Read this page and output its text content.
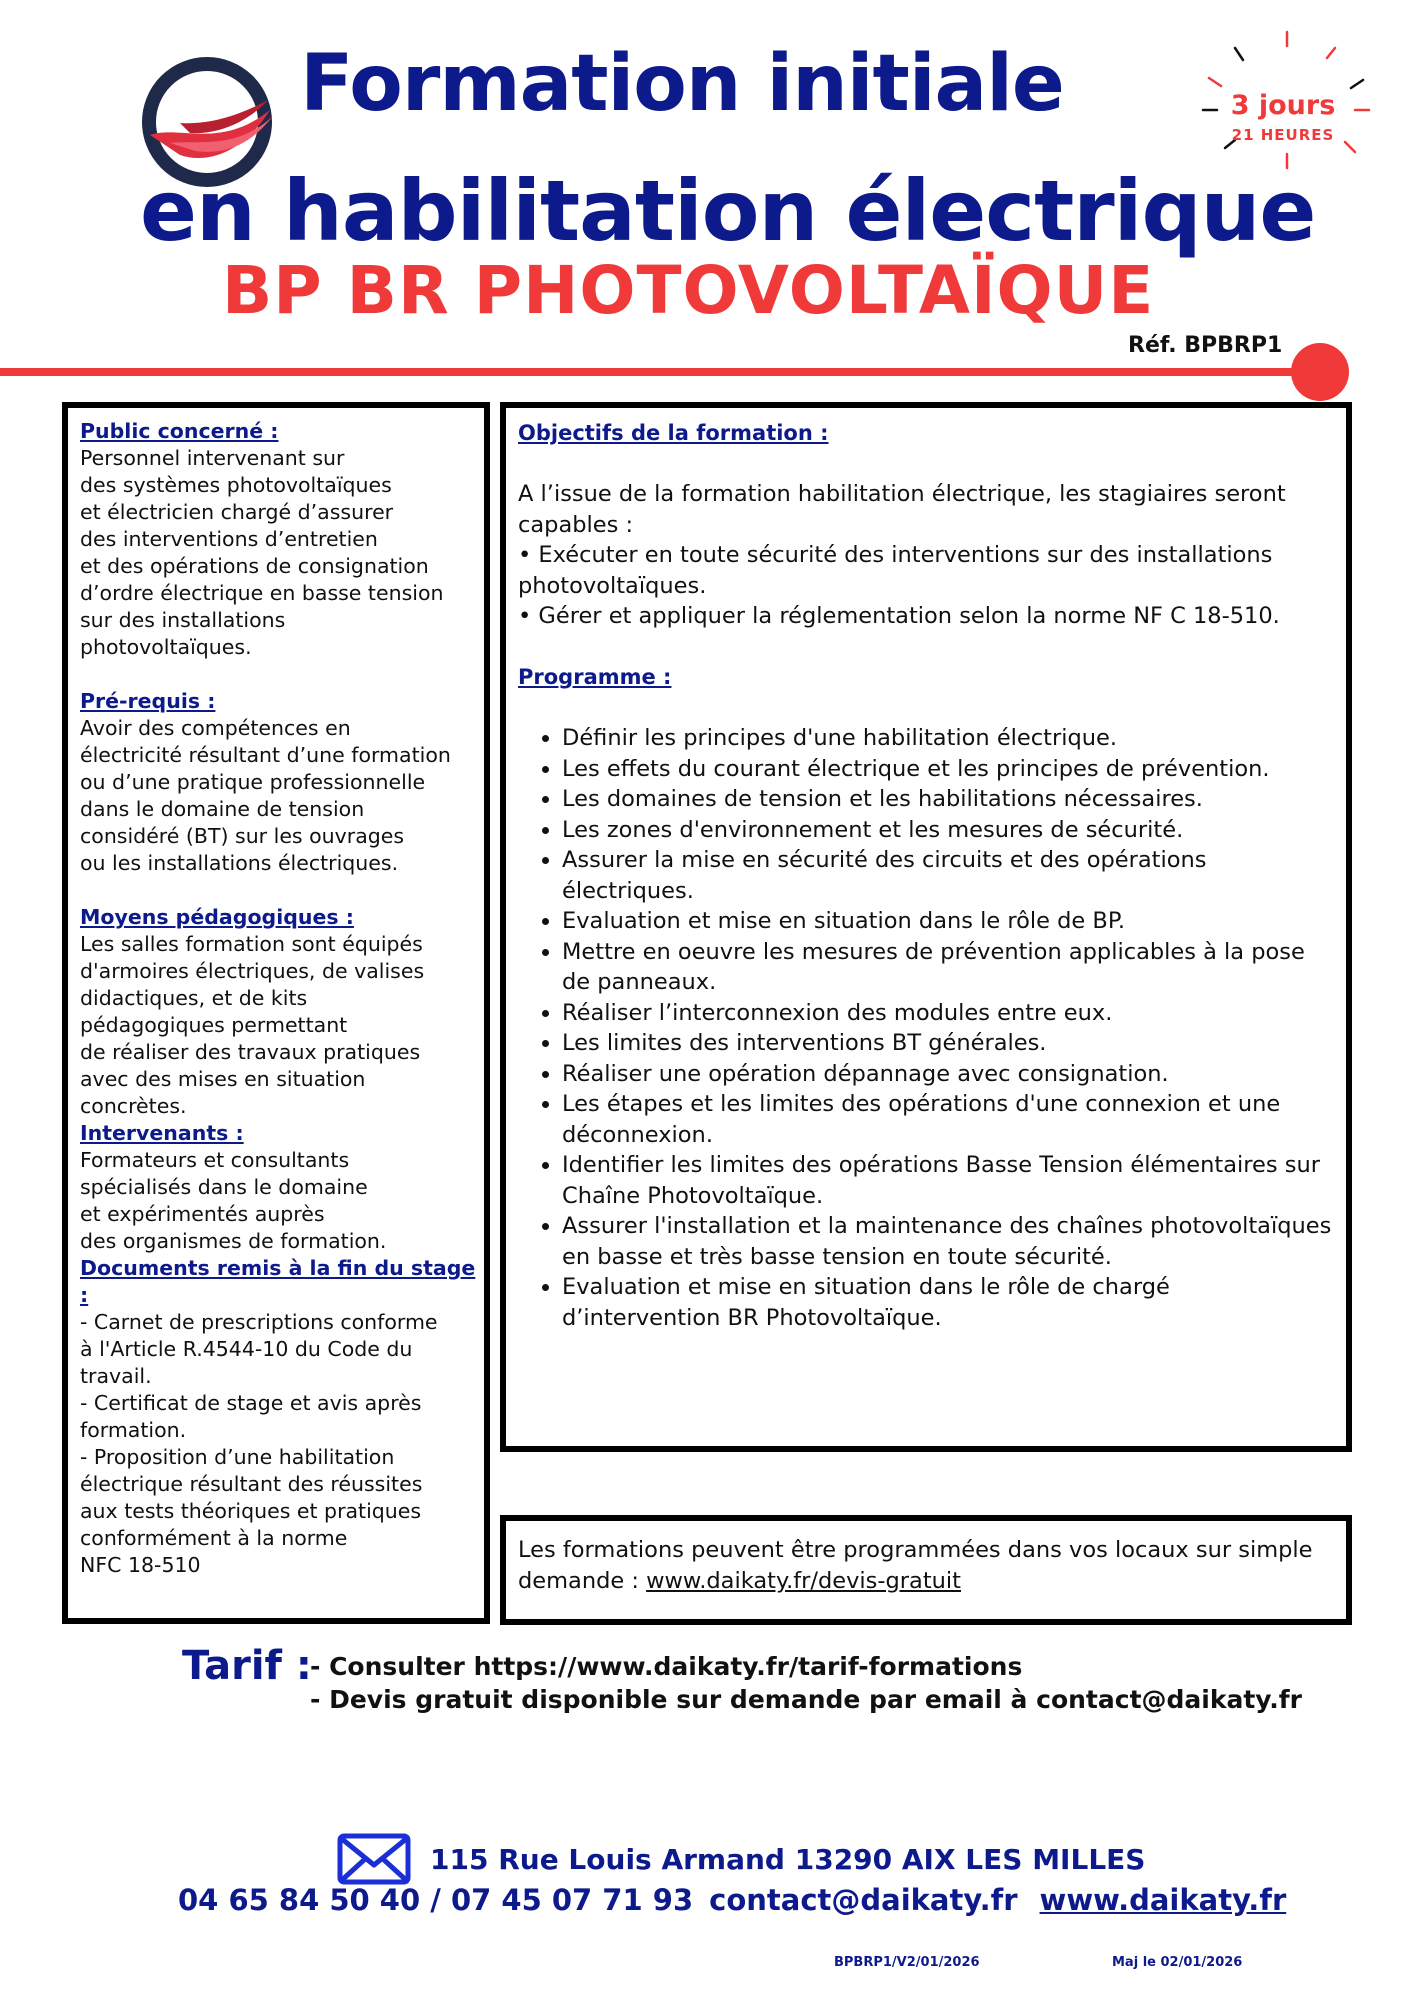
Formation initiale
en habilitation électrique
BP BR PHOTOVOLTAÏQUE
Réf. BPBRP1
3 jours
21 HEURES
Public concerné :
Personnel intervenant sur
des systèmes photovoltaïques
et électricien chargé d’assurer
des interventions d’entretien
et des opérations de consignation
d’ordre électrique en basse tension
sur des installations
photovoltaïques.
Pré-requis :
Avoir des compétences en
électricité résultant d’une formation
ou d’une pratique professionnelle
dans le domaine de tension
considéré (BT) sur les ouvrages
ou les installations électriques.
Moyens pédagogiques :
Les salles formation sont équipés
d'armoires électriques, de valises
didactiques, et de kits
pédagogiques permettant
de réaliser des travaux pratiques
avec des mises en situation
concrètes.
Intervenants :
Formateurs et consultants
spécialisés dans le domaine
et expérimentés auprès
des organismes de formation.
Documents remis à la fin du stage :
- Carnet de prescriptions conforme
à l'Article R.4544-10 du Code du
travail.
- Certificat de stage et avis après
formation.
- Proposition d’une habilitation
électrique résultant des réussites
aux tests théoriques et pratiques
conformément à la norme
NFC 18-510
Objectifs de la formation :
A l’issue de la formation habilitation électrique, les stagiaires seront capables :
• Exécuter en toute sécurité des interventions sur des installations photovoltaïques.
• Gérer et appliquer la réglementation selon la norme NF C 18-510.
Programme :
• Définir les principes d'une habilitation électrique.
• Les effets du courant électrique et les principes de prévention.
• Les domaines de tension et les habilitations nécessaires.
• Les zones d'environnement et les mesures de sécurité.
• Assurer la mise en sécurité des circuits et des opérations électriques.
• Evaluation et mise en situation dans le rôle de BP.
• Mettre en oeuvre les mesures de prévention applicables à la pose de panneaux.
• Réaliser l’interconnexion des modules entre eux.
• Les limites des interventions BT générales.
• Réaliser une opération dépannage avec consignation.
• Les étapes et les limites des opérations d'une connexion et une déconnexion.
• Identifier les limites des opérations Basse Tension élémentaires sur Chaîne Photovoltaïque.
• Assurer l'installation et la maintenance des chaînes photovoltaïques en basse et très basse tension en toute sécurité.
• Evaluation et mise en situation dans le rôle de chargé d’intervention BR Photovoltaïque.
Les formations peuvent être programmées dans vos locaux sur simple demande : www.daikaty.fr/devis-gratuit
Tarif :
- Consulter https://www.daikaty.fr/tarif-formations
- Devis gratuit disponible sur demande par email à contact@daikaty.fr
115 Rue Louis Armand 13290 AIX LES MILLES
04 65 84 50 40 / 07 45 07 71 93 contact@daikaty.fr www.daikaty.fr
BPBRP1/V2/01/2026	Maj le 02/01/2026
